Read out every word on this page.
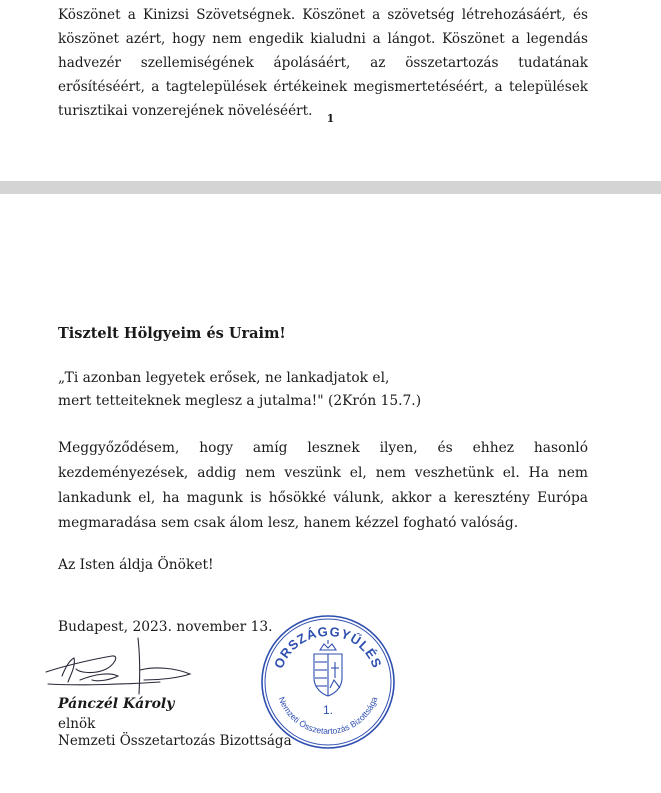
Köszönet a Kinizsi Szövetségnek. Köszönet a szövetség létrehozásáért, és köszönet azért, hogy nem engedik kialudni a lángot. Köszönet a legendás hadvezér szellemiségének ápolásáért, az összetartozás tudatának erősítéséért, a tagtelepülések értékeinek megismertetéséért, a települések turisztikai vonzerejének növeléséért.	1

Tisztelt Hölgyeim és Uraim!

„Ti azonban legyetek erősek, ne lankadjatok el,
mert tetteiteknek meglesz a jutalma!" (2Krón 15.7.)

Meggyőződésem, hogy amíg lesznek ilyen, és ehhez hasonló kezdeményezések, addig nem veszünk el, nem veszhetünk el. Ha nem lankadunk el, ha magunk is hősökké válunk, akkor a keresztény Európa megmaradása sem csak álom lesz, hanem kézzel fogható valóság.

Az Isten áldja Önöket!

Budapest, 2023. november 13.

Pánczél Károly

elnök

Nemzeti Összetartozás Bizottsága

ORSZÁGGYŰLÉS
Nemzeti Összetartozás Bizottsága
1.
